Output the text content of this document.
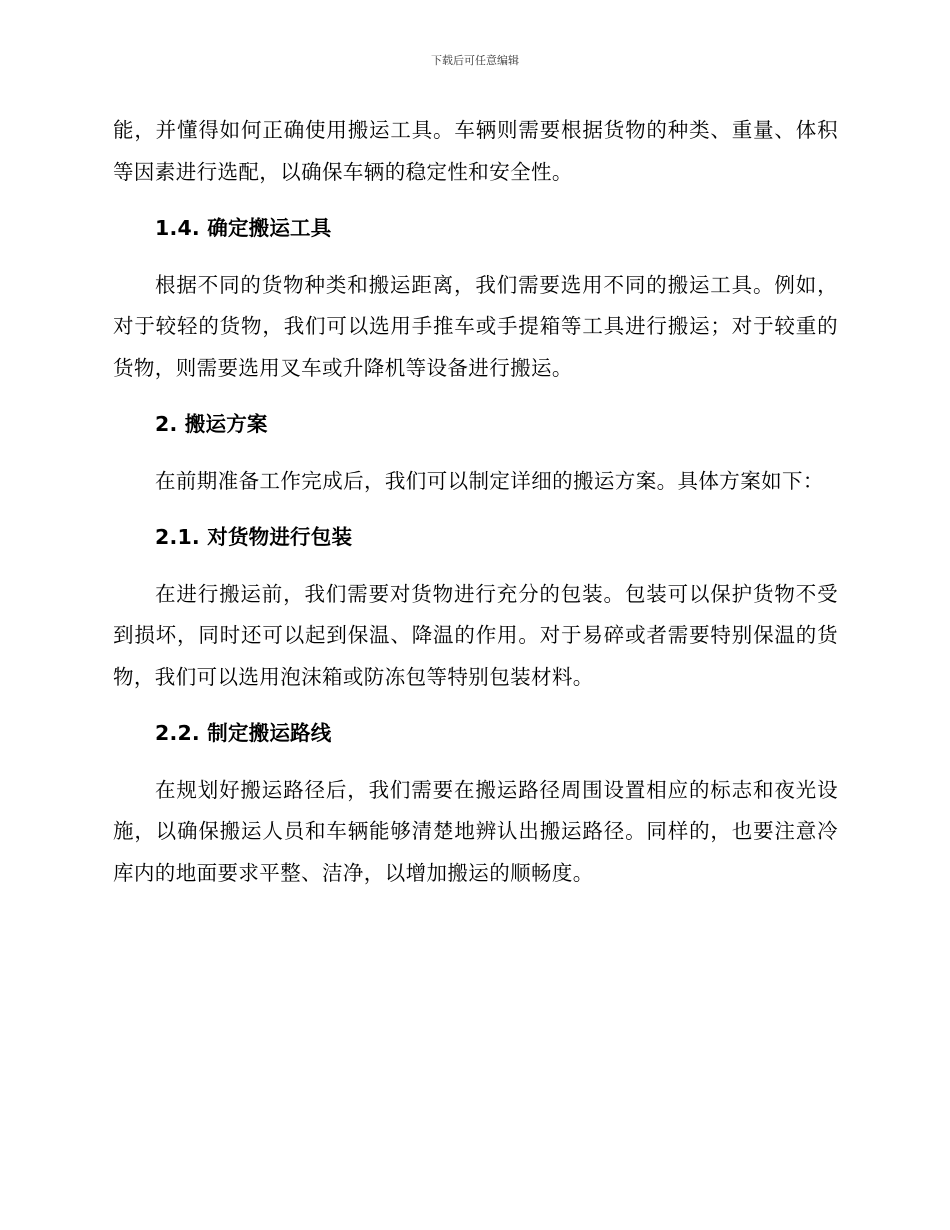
下载后可任意编辑

能，并懂得如何正确使用搬运工具。车辆则需要根据货物的种类、重量、体积等因素进行选配，以确保车辆的稳定性和安全性。

1.4. 确定搬运工具

根据不同的货物种类和搬运距离，我们需要选用不同的搬运工具。例如，对于较轻的货物，我们可以选用手推车或手提箱等工具进行搬运；对于较重的货物，则需要选用叉车或升降机等设备进行搬运。

2. 搬运方案

在前期准备工作完成后，我们可以制定详细的搬运方案。具体方案如下：

2.1. 对货物进行包装

在进行搬运前，我们需要对货物进行充分的包装。包装可以保护货物不受到损坏，同时还可以起到保温、降温的作用。对于易碎或者需要特别保温的货物，我们可以选用泡沫箱或防冻包等特别包装材料。

2.2. 制定搬运路线

在规划好搬运路径后，我们需要在搬运路径周围设置相应的标志和夜光设施，以确保搬运人员和车辆能够清楚地辨认出搬运路径。同样的，也要注意冷库内的地面要求平整、洁净，以增加搬运的顺畅度。
